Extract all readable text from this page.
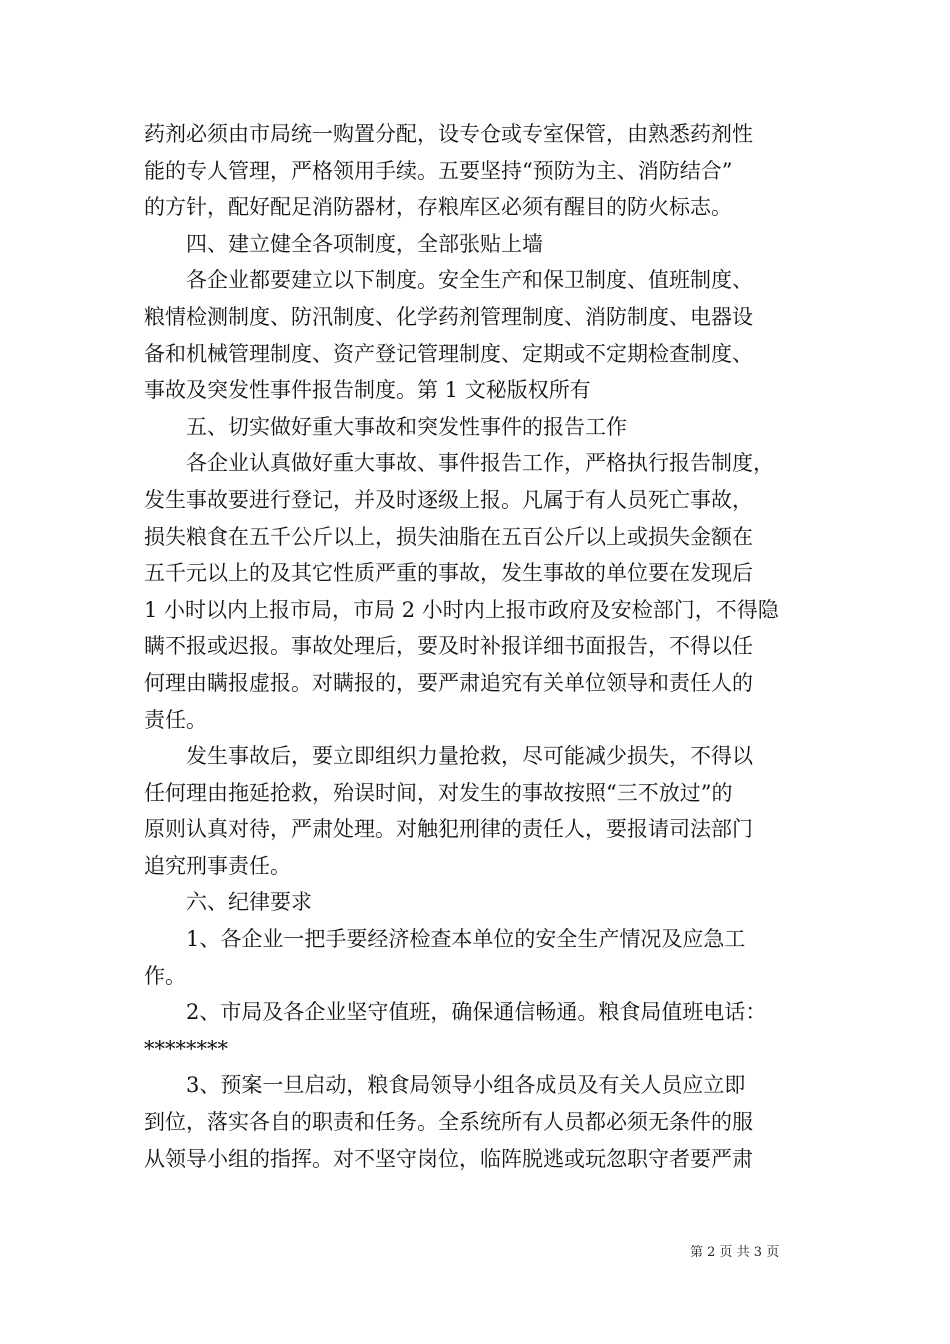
药剂必须由市局统一购置分配，设专仓或专室保管，由熟悉药剂性
能的专人管理，严格领用手续。五要坚持“预防为主、消防结合”
的方针，配好配足消防器材，存粮库区必须有醒目的防火标志。
四、建立健全各项制度，全部张贴上墙
各企业都要建立以下制度。安全生产和保卫制度、值班制度、
粮情检测制度、防汛制度、化学药剂管理制度、消防制度、电器设
备和机械管理制度、资产登记管理制度、定期或不定期检查制度、
事故及突发性事件报告制度。第 1 文秘版权所有
五、切实做好重大事故和突发性事件的报告工作
各企业认真做好重大事故、事件报告工作，严格执行报告制度，
发生事故要进行登记，并及时逐级上报。凡属于有人员死亡事故，
损失粮食在五千公斤以上，损失油脂在五百公斤以上或损失金额在
五千元以上的及其它性质严重的事故，发生事故的单位要在发现后
1 小时以内上报市局，市局 2 小时内上报市政府及安检部门，不得隐
瞒不报或迟报。事故处理后，要及时补报详细书面报告，不得以任
何理由瞒报虚报。对瞒报的，要严肃追究有关单位领导和责任人的
责任。
发生事故后，要立即组织力量抢救，尽可能减少损失，不得以
任何理由拖延抢救，殆误时间，对发生的事故按照“三不放过”的
原则认真对待，严肃处理。对触犯刑律的责任人，要报请司法部门
追究刑事责任。
六、纪律要求
1、各企业一把手要经济检查本单位的安全生产情况及应急工
作。
2、市局及各企业坚守值班，确保通信畅通。粮食局值班电话：
********
3、预案一旦启动，粮食局领导小组各成员及有关人员应立即
到位，落实各自的职责和任务。全系统所有人员都必须无条件的服
从领导小组的指挥。对不坚守岗位，临阵脱逃或玩忽职守者要严肃
第 2 页 共 3 页
